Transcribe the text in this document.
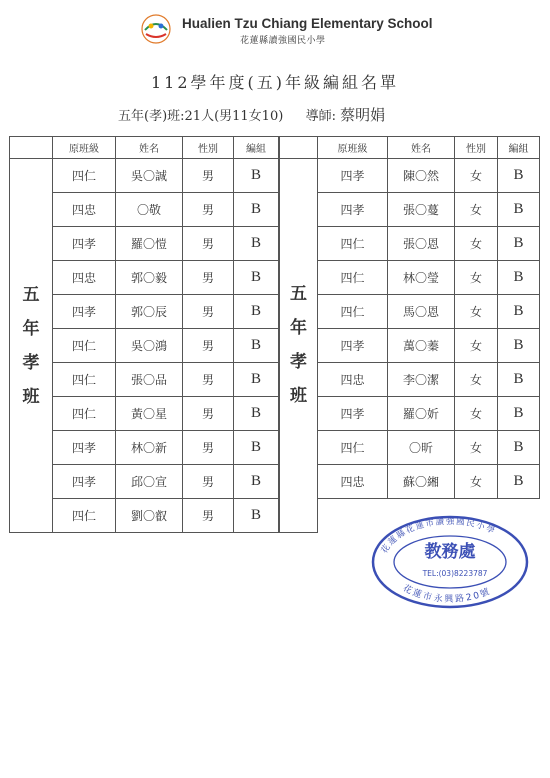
Hualien Tzu Chiang Elementary School
花蓮縣讀強國民小學
112學年度(五)年級編組名單
五年(孝)班:21人(男11女10) 導師: 蔡明娟
	原班級	姓名	性別	編組

五
年
孝
班	四仁	吳〇誠	男	B
	四忠	〇敬	男	B
	四孝	羅〇愷	男	B
	四忠	郭〇毅	男	B
	四孝	郭〇辰	男	B
	四仁	吳〇鴻	男	B
	四仁	張〇品	男	B
	四仁	黃〇星	男	B
	四孝	林〇新	男	B
	四孝	邱〇宣	男	B
	四仁	劉〇叡	男	B
	原班級	姓名	性別	編組

五
年
孝
班	四孝	陳〇然	女	B
	四孝	張〇蔓	女	B
	四仁	張〇恩	女	B
	四仁	林〇瑩	女	B
	四仁	馬〇恩	女	B
	四孝	萬〇蓁	女	B
	四忠	李〇潔	女	B
	四孝	羅〇妡	女	B
	四仁	〇昕	女	B
	四忠	蘇〇緗	女	B

花蓮縣花蓮市讀強國民小學
教務處
TEL:(03)8223787
花蓮市永興路20號
